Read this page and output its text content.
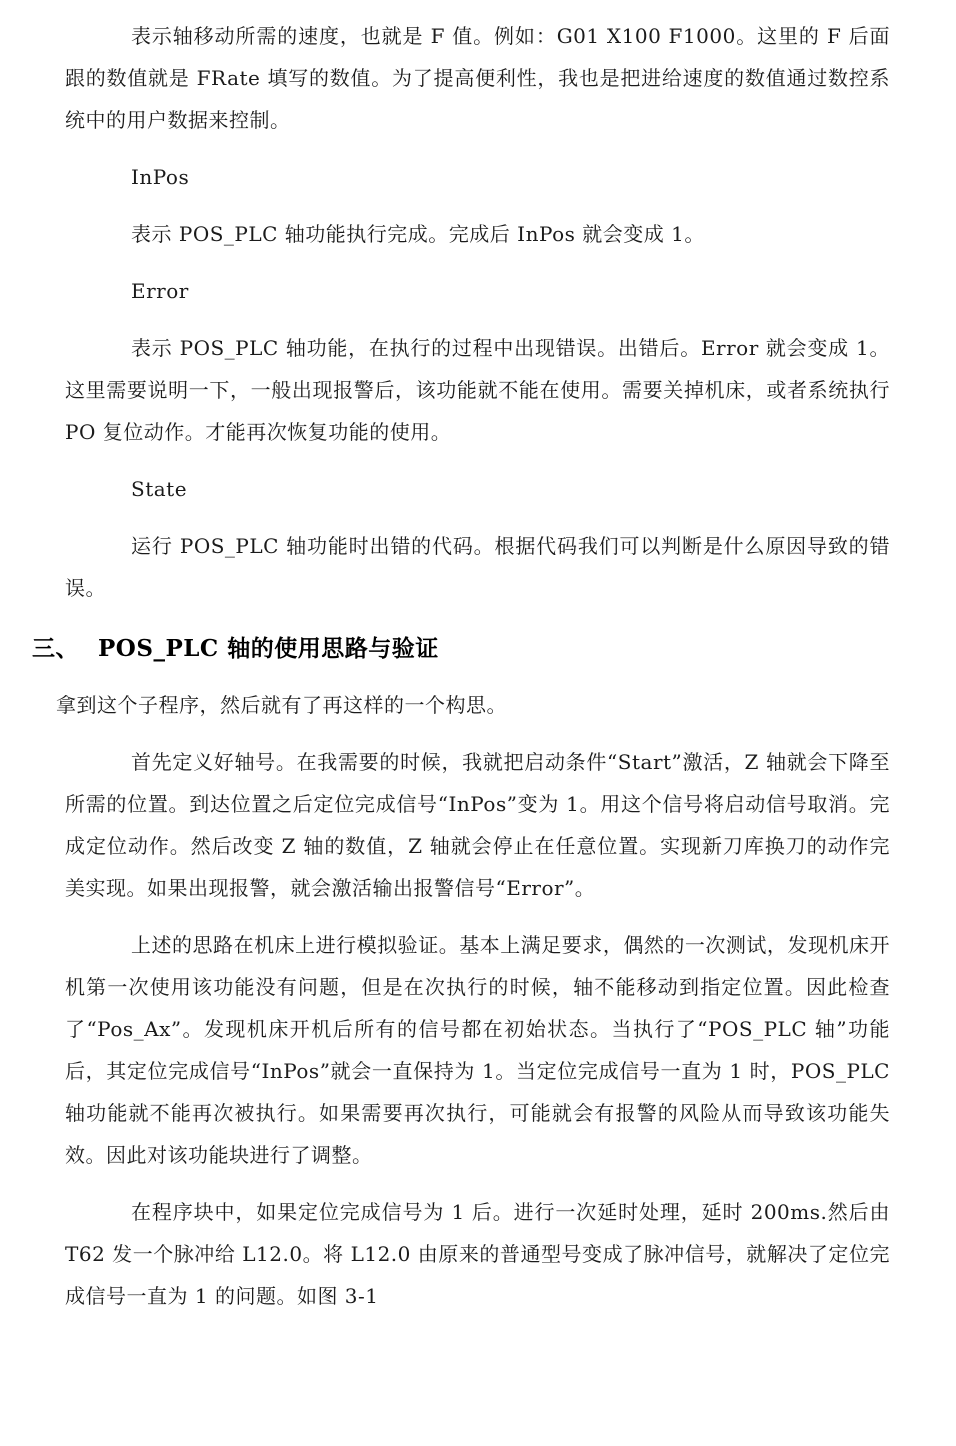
表示轴移动所需的速度，也就是 F 值。例如：G01 X100 F1000。这里的 F 后面跟的数值就是 FRate 填写的数值。为了提高便利性，我也是把进给速度的数值通过数控系统中的用户数据来控制。

InPos

表示 POS_PLC 轴功能执行完成。完成后 InPos 就会变成 1。

Error

表示 POS_PLC 轴功能，在执行的过程中出现错误。出错后。Error 就会变成 1。这里需要说明一下，一般出现报警后，该功能就不能在使用。需要关掉机床，或者系统执行 PO 复位动作。才能再次恢复功能的使用。

State

运行 POS_PLC 轴功能时出错的代码。根据代码我们可以判断是什么原因导致的错误。

三、 POS_PLC 轴的使用思路与验证

拿到这个子程序，然后就有了再这样的一个构思。

首先定义好轴号。在我需要的时候，我就把启动条件“Start”激活，Z 轴就会下降至所需的位置。到达位置之后定位完成信号“InPos”变为 1。用这个信号将启动信号取消。完成定位动作。然后改变 Z 轴的数值，Z 轴就会停止在任意位置。实现新刀库换刀的动作完美实现。如果出现报警，就会激活输出报警信号“Error”。

上述的思路在机床上进行模拟验证。基本上满足要求，偶然的一次测试，发现机床开机第一次使用该功能没有问题，但是在次执行的时候，轴不能移动到指定位置。因此检查了“Pos_Ax”。发现机床开机后所有的信号都在初始状态。当执行了“POS_PLC 轴”功能后，其定位完成信号“InPos”就会一直保持为 1。当定位完成信号一直为 1 时，POS_PLC 轴功能就不能再次被执行。如果需要再次执行，可能就会有报警的风险从而导致该功能失效。因此对该功能块进行了调整。

在程序块中，如果定位完成信号为 1 后。进行一次延时处理，延时 200ms.然后由 T62 发一个脉冲给 L12.0。将 L12.0 由原来的普通型号变成了脉冲信号，就解决了定位完成信号一直为 1 的问题。如图 3-1
